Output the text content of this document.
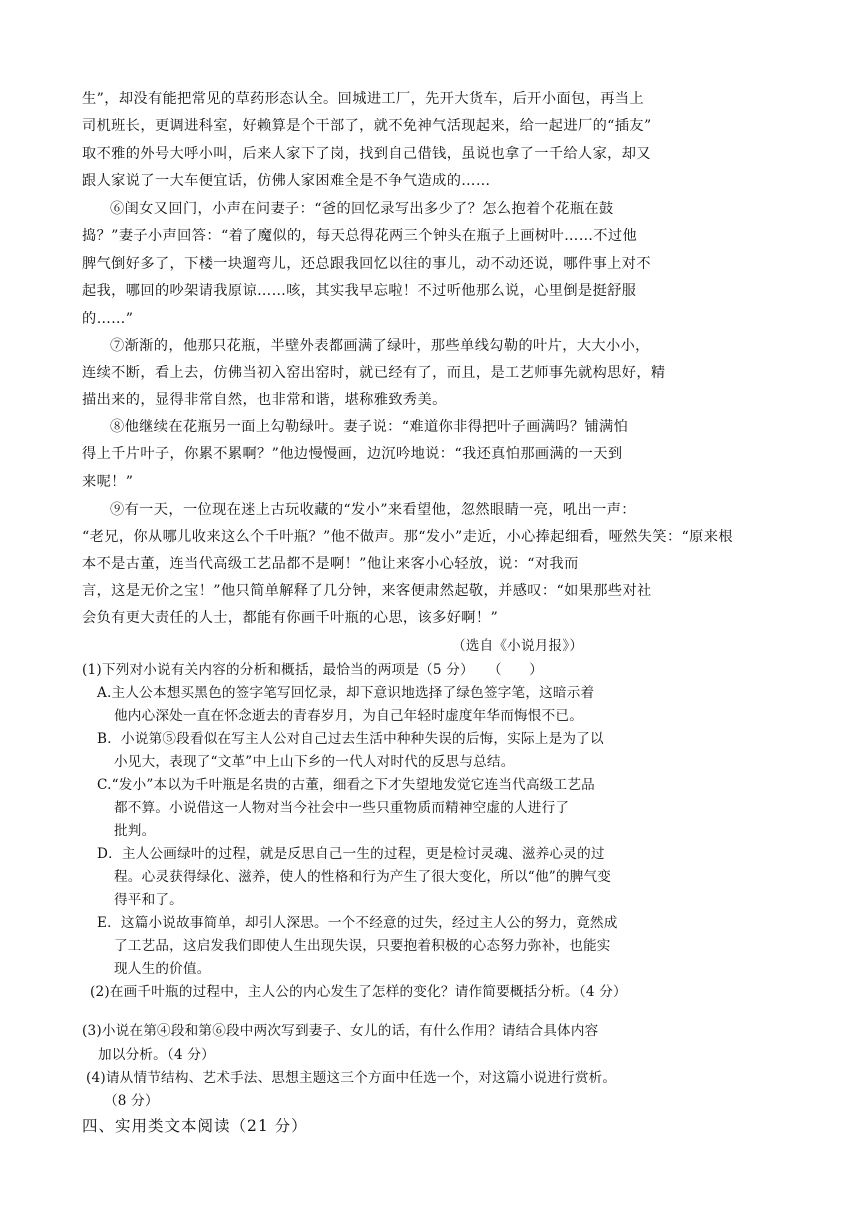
生”，却没有能把常见的草药形态认全。回城进工厂，先开大货车，后开小面包，再当上
司机班长，更调进科室，好赖算是个干部了，就不免神气活现起来，给一起进厂的“插友”
取不雅的外号大呼小叫，后来人家下了岗，找到自己借钱，虽说也拿了一千给人家，却又
跟人家说了一大车便宜话，仿佛人家困难全是不争气造成的……
⑥闺女又回门，小声在问妻子：“爸的回忆录写出多少了？怎么抱着个花瓶在鼓
捣？”妻子小声回答：“着了魔似的，每天总得花两三个钟头在瓶子上画树叶……不过他
脾气倒好多了，下楼一块遛弯儿，还总跟我回忆以往的事儿，动不动还说，哪件事上对不
起我，哪回的吵架请我原谅……咳，其实我早忘啦！不过听他那么说，心里倒是挺舒服
的……”
⑦渐渐的，他那只花瓶，半壁外表都画满了绿叶，那些单线勾勒的叶片，大大小小，
连续不断，看上去，仿佛当初入窑出窑时，就已经有了，而且，是工艺师事先就构思好，精
描出来的，显得非常自然，也非常和谐，堪称雅致秀美。
⑧他继续在花瓶另一面上勾勒绿叶。妻子说：“难道你非得把叶子画满吗？铺满怕
得上千片叶子，你累不累啊？”他边慢慢画，边沉吟地说：“我还真怕那画满的一天到
来呢！”
⑨有一天，一位现在迷上古玩收藏的“发小”来看望他，忽然眼睛一亮，吼出一声：
“老兄，你从哪儿收来这么个千叶瓶？”他不做声。那“发小”走近，小心捧起细看，哑然失笑：“原来根
本不是古董，连当代高级工艺品都不是啊！”他让来客小心轻放，说：“对我而
言，这是无价之宝！”他只简单解释了几分钟，来客便肃然起敬，并感叹：“如果那些对社
会负有更大责任的人士，都能有你画千叶瓶的心思，该多好啊！”
（选自《小说月报》）
(1)下列对小说有关内容的分析和概括，最恰当的两项是（5 分）　　（　　）
A.主人公本想买黑色的签字笔写回忆录，却下意识地选择了绿色签字笔，这暗示着
他内心深处一直在怀念逝去的青春岁月，为自己年轻时虚度年华而悔恨不已。
B．小说第⑤段看似在写主人公对自己过去生活中种种失误的后悔，实际上是为了以
小见大，表现了“文革”中上山下乡的一代人对时代的反思与总结。
C.“发小”本以为千叶瓶是名贵的古董，细看之下才失望地发觉它连当代高级工艺品
都不算。小说借这一人物对当今社会中一些只重物质而精神空虚的人进行了
批判。
D．主人公画绿叶的过程，就是反思自己一生的过程，更是检讨灵魂、滋养心灵的过
程。心灵获得绿化、滋养，使人的性格和行为产生了很大变化，所以“他”的脾气变
得平和了。
E．这篇小说故事简单，却引人深思。一个不经意的过失，经过主人公的努力，竟然成
了工艺品，这启发我们即使人生出现失误，只要抱着积极的心态努力弥补，也能实
现人生的价值。
(2)在画千叶瓶的过程中，主人公的内心发生了怎样的变化？请作简要概括分析。（4 分）
(3)小说在第④段和第⑥段中两次写到妻子、女儿的话，有什么作用？请结合具体内容
加以分析。（4 分）
(4)请从情节结构、艺术手法、思想主题这三个方面中任选一个，对这篇小说进行赏析。
（8 分）
四、实用类文本阅读（21 分）
